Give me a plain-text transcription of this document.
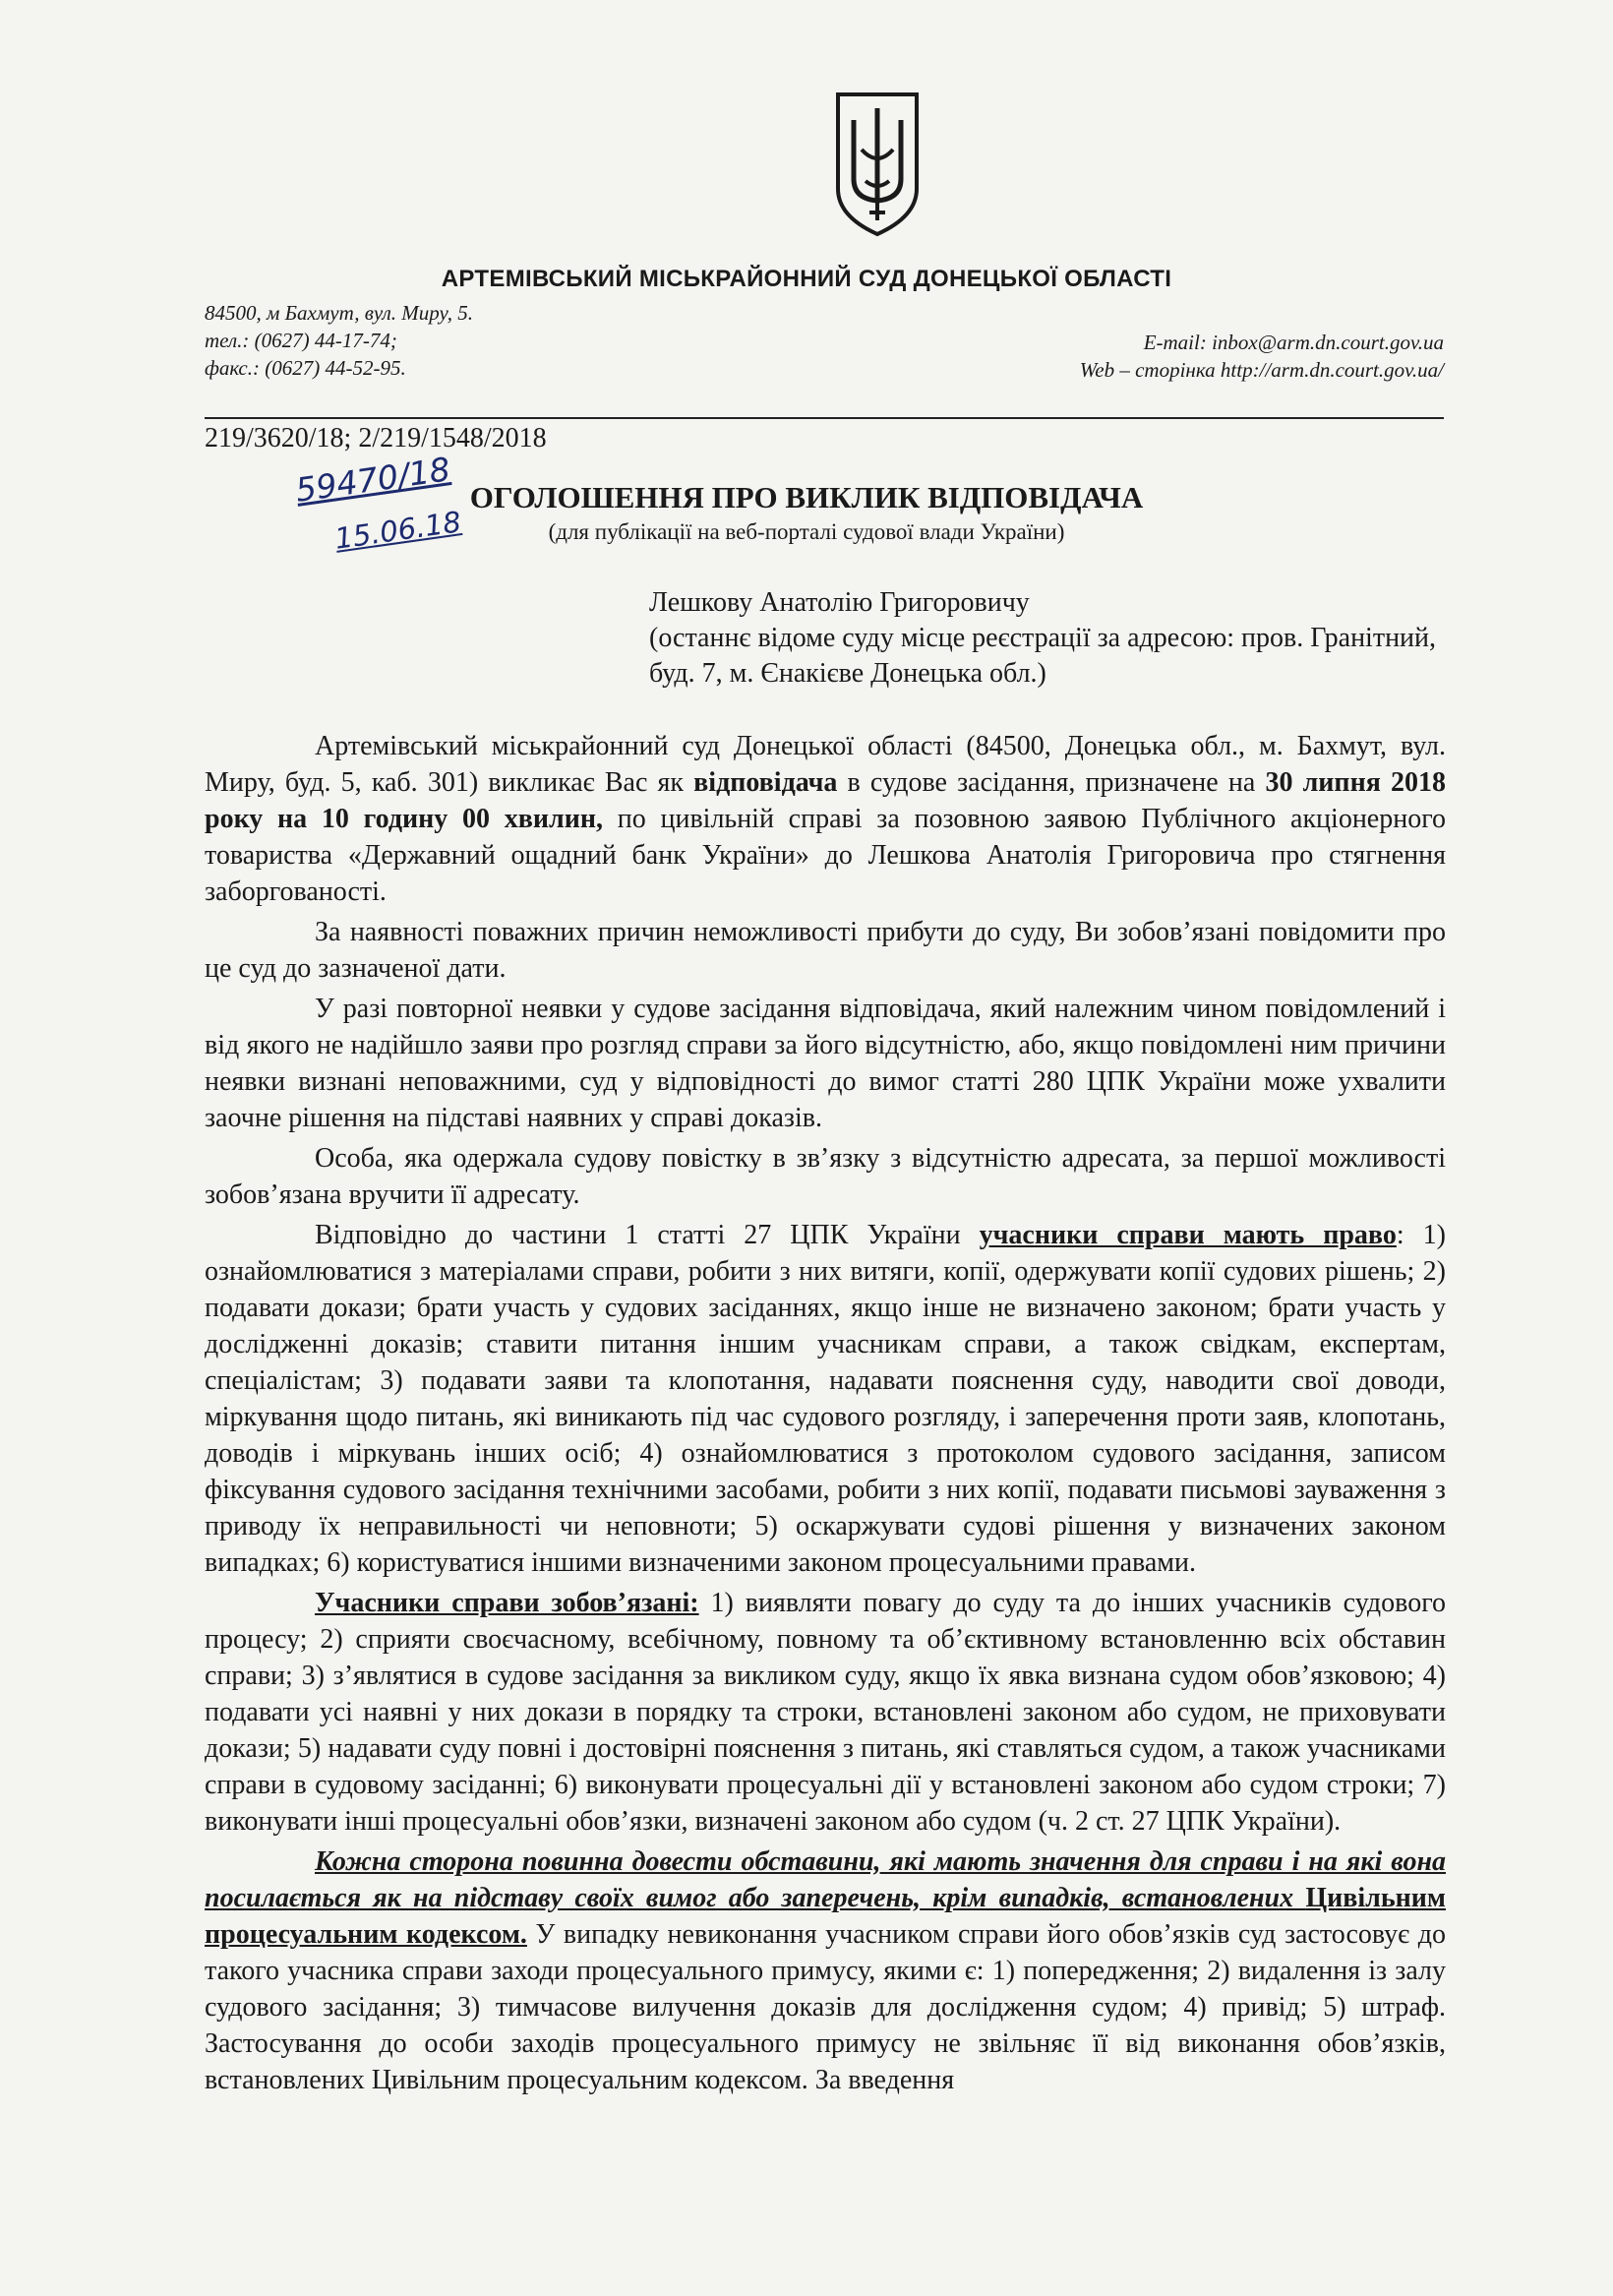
АРТЕМІВСЬКИЙ МІСЬКРАЙОННИЙ СУД ДОНЕЦЬКОЇ ОБЛАСТІ
84500, м Бахмут, вул. Миру, 5.
тел.: (0627) 44-17-74;
факс.: (0627) 44-52-95.
E-mail: inbox@arm.dn.court.gov.ua
Web – сторінка http://arm.dn.court.gov.ua/
219/3620/18; 2/219/1548/2018
59470/18
15.06.18
ОГОЛОШЕННЯ ПРО ВИКЛИК ВІДПОВІДАЧА
(для публікації на веб-порталі судової влади України)
Лешкову Анатолію Григоровичу
(останнє відоме суду місце реєстрації за адресою: пров. Гранітний, буд. 7, м. Єнакієве Донецька обл.)

Артемівський міськрайонний суд Донецької області (84500, Донецька обл., м. Бахмут, вул. Миру, буд. 5, каб. 301) викликає Вас як відповідача в судове засідання, призначене на 30 липня 2018 року на 10 годину 00 хвилин, по цивільній справі за позовною заявою Публічного акціонерного товариства «Державний ощадний банк України» до Лешкова Анатолія Григоровича про стягнення заборгованості.

За наявності поважних причин неможливості прибути до суду, Ви зобов’язані повідомити про це суд до зазначеної дати.

У разі повторної неявки у судове засідання відповідача, який належним чином повідомлений і від якого не надійшло заяви про розгляд справи за його відсутністю, або, якщо повідомлені ним причини неявки визнані неповажними, суд у відповідності до вимог статті 280 ЦПК України може ухвалити заочне рішення на підставі наявних у справі доказів.

Особа, яка одержала судову повістку в зв’язку з відсутністю адресата, за першої можливості зобов’язана вручити її адресату.

Відповідно до частини 1 статті 27 ЦПК України учасники справи мають право: 1) ознайомлюватися з матеріалами справи, робити з них витяги, копії, одержувати копії судових рішень; 2) подавати докази; брати участь у судових засіданнях, якщо інше не визначено законом; брати участь у дослідженні доказів; ставити питання іншим учасникам справи, а також свідкам, експертам, спеціалістам; 3) подавати заяви та клопотання, надавати пояснення суду, наводити свої доводи, міркування щодо питань, які виникають під час судового розгляду, і заперечення проти заяв, клопотань, доводів і міркувань інших осіб; 4) ознайомлюватися з протоколом судового засідання, записом фіксування судового засідання технічними засобами, робити з них копії, подавати письмові зауваження з приводу їх неправильності чи неповноти; 5) оскаржувати судові рішення у визначених законом випадках; 6) користуватися іншими визначеними законом процесуальними правами.

Учасники справи зобов’язані: 1) виявляти повагу до суду та до інших учасників судового процесу; 2) сприяти своєчасному, всебічному, повному та об’єктивному встановленню всіх обставин справи; 3) з’являтися в судове засідання за викликом суду, якщо їх явка визнана судом обов’язковою; 4) подавати усі наявні у них докази в порядку та строки, встановлені законом або судом, не приховувати докази; 5) надавати суду повні і достовірні пояснення з питань, які ставляться судом, а також учасниками справи в судовому засіданні; 6) виконувати процесуальні дії у встановлені законом або судом строки; 7) виконувати інші процесуальні обов’язки, визначені законом або судом (ч. 2 ст. 27 ЦПК України).

Кожна сторона повинна довести обставини, які мають значення для справи і на які вона посилається як на підставу своїх вимог або заперечень, крім випадків, встановлених Цивільним процесуальним кодексом. У випадку невиконання учасником справи його обов’язків суд застосовує до такого учасника справи заходи процесуального примусу, якими є: 1) попередження; 2) видалення із залу судового засідання; 3) тимчасове вилучення доказів для дослідження судом; 4) привід; 5) штраф. Застосування до особи заходів процесуального примусу не звільняє її від виконання обов’язків, встановлених Цивільним процесуальним кодексом. За введення
